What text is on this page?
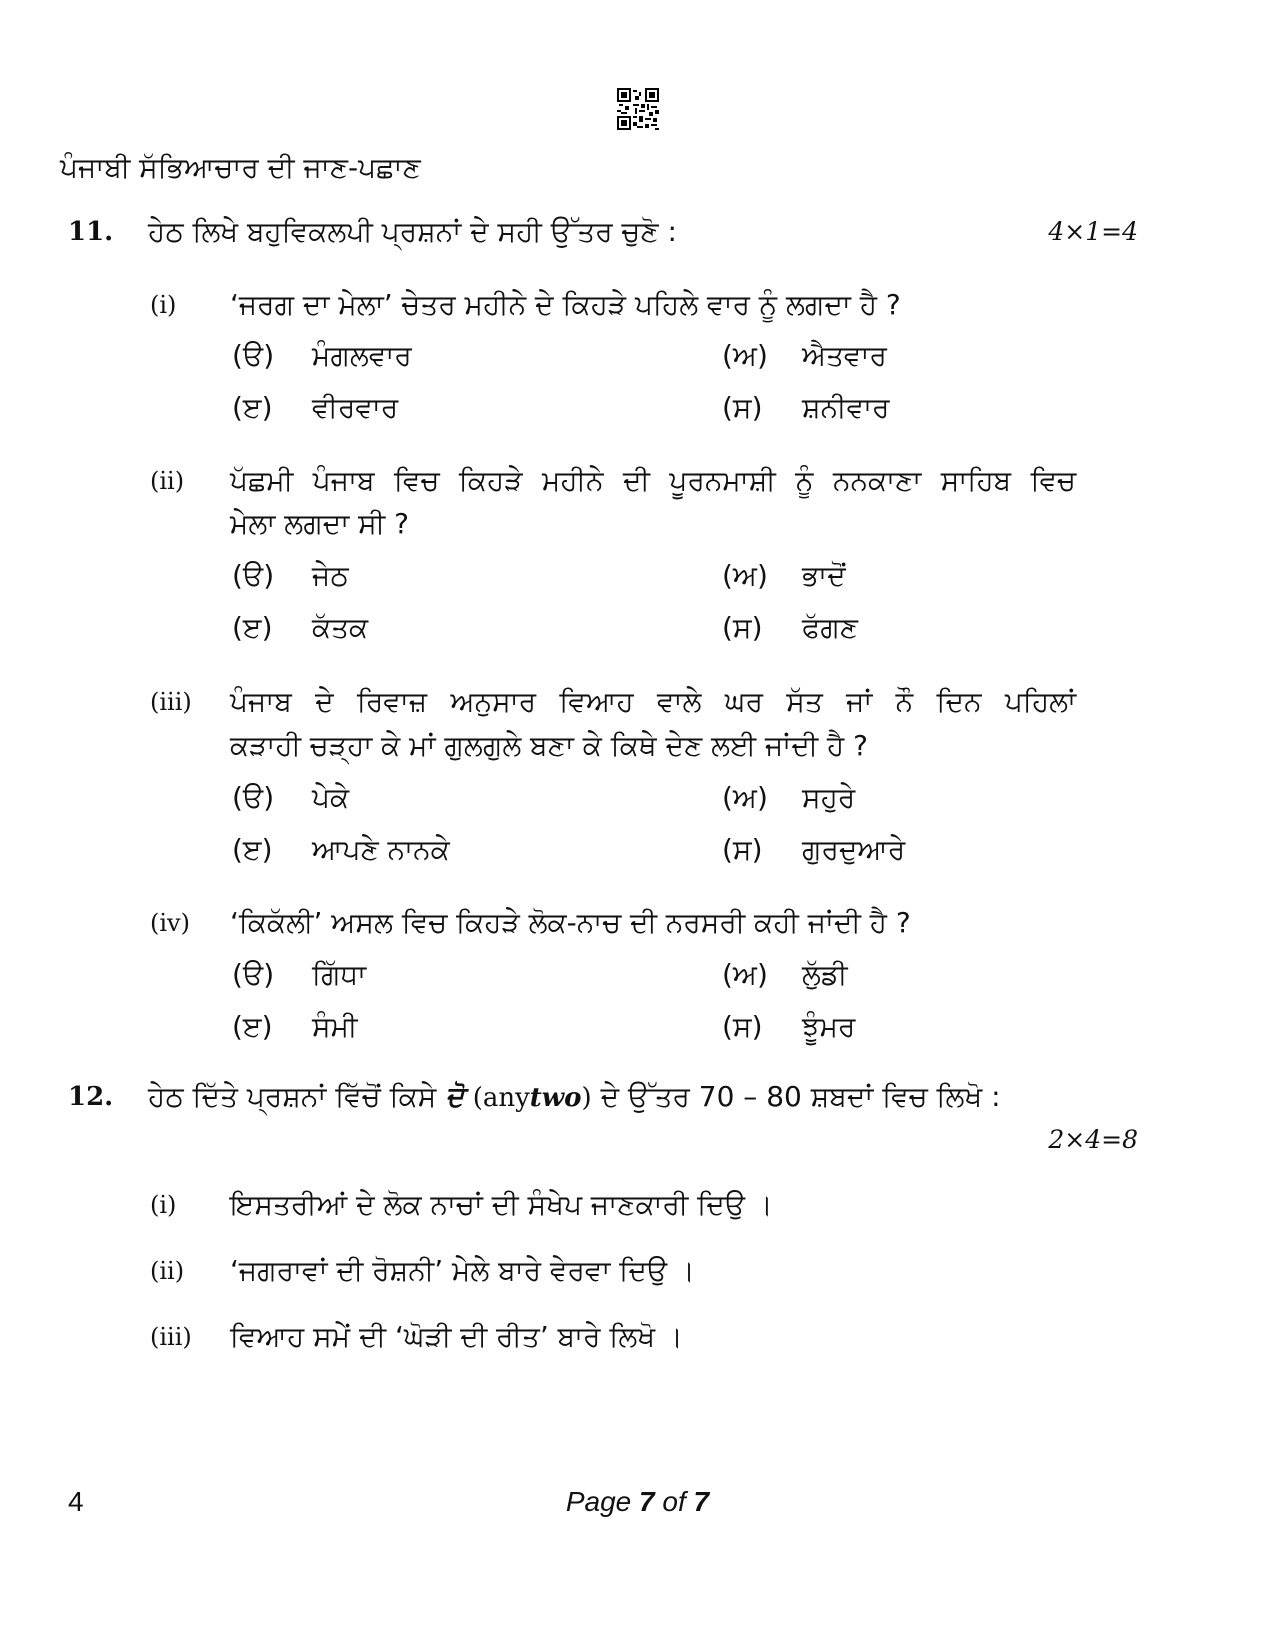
ਪੰਜਾਬੀ ਸੱਭਿਆਚਾਰ ਦੀ ਜਾਣ-ਪਛਾਣ
11. ਹੇਠ ਲਿਖੇ ਬਹੁਵਿਕਲਪੀ ਪ੍ਰਸ਼ਨਾਂ ਦੇ ਸਹੀ ਉੱਤਰ ਚੁਣੋ :	4×1=4
(i) ‘ਜਰਗ ਦਾ ਮੇਲਾ’ ਚੇਤਰ ਮਹੀਨੇ ਦੇ ਕਿਹੜੇ ਪਹਿਲੇ ਵਾਰ ਨੂੰ ਲਗਦਾ ਹੈ ?
(ੳ) ਮੰਗਲਵਾਰ	(ਅ) ਐਤਵਾਰ
(ੲ) ਵੀਰਵਾਰ	(ਸ) ਸ਼ਨੀਵਾਰ
(ii) ਪੱਛਮੀ ਪੰਜਾਬ ਵਿਚ ਕਿਹੜੇ ਮਹੀਨੇ ਦੀ ਪੂਰਨਮਾਸ਼ੀ ਨੂੰ ਨਨਕਾਣਾ ਸਾਹਿਬ ਵਿਚ
ਮੇਲਾ ਲਗਦਾ ਸੀ ?
(ੳ) ਜੇਠ	(ਅ) ਭਾਦੋਂ
(ੲ) ਕੱਤਕ	(ਸ) ਫੱਗਣ
(iii) ਪੰਜਾਬ ਦੇ ਰਿਵਾਜ਼ ਅਨੁਸਾਰ ਵਿਆਹ ਵਾਲੇ ਘਰ ਸੱਤ ਜਾਂ ਨੌ ਦਿਨ ਪਹਿਲਾਂ
ਕੜਾਹੀ ਚੜ੍ਹਾ ਕੇ ਮਾਂ ਗੁਲਗੁਲੇ ਬਣਾ ਕੇ ਕਿਥੇ ਦੇਣ ਲਈ ਜਾਂਦੀ ਹੈ ?
(ੳ) ਪੇਕੇ	(ਅ) ਸਹੁਰੇ
(ੲ) ਆਪਣੇ ਨਾਨਕੇ	(ਸ) ਗੁਰਦੁਆਰੇ
(iv) ‘ਕਿਕੱਲੀ’ ਅਸਲ ਵਿਚ ਕਿਹੜੇ ਲੋਕ-ਨਾਚ ਦੀ ਨਰਸਰੀ ਕਹੀ ਜਾਂਦੀ ਹੈ ?
(ੳ) ਗਿੱਧਾ	(ਅ) ਲੁੱਡੀ
(ੲ) ਸੰਮੀ	(ਸ) ਝੂੰਮਰ
12. ਹੇਠ ਦਿੱਤੇ ਪ੍ਰਸ਼ਨਾਂ ਵਿੱਚੋਂ ਕਿਸੇ ਦੋ (anytwo) ਦੇ ਉੱਤਰ 70 – 80 ਸ਼ਬਦਾਂ ਵਿਚ ਲਿਖੋ :
2×4=8
(i) ਇਸਤਰੀਆਂ ਦੇ ਲੋਕ ਨਾਚਾਂ ਦੀ ਸੰਖੇਪ ਜਾਣਕਾਰੀ ਦਿਉ ।
(ii) ‘ਜਗਰਾਵਾਂ ਦੀ ਰੋਸ਼ਨੀ’ ਮੇਲੇ ਬਾਰੇ ਵੇਰਵਾ ਦਿਉ ।
(iii) ਵਿਆਹ ਸਮੇਂ ਦੀ ‘ਘੋੜੀ ਦੀ ਰੀਤ’ ਬਾਰੇ ਲਿਖੋ ।
4	Page 7 of 7
